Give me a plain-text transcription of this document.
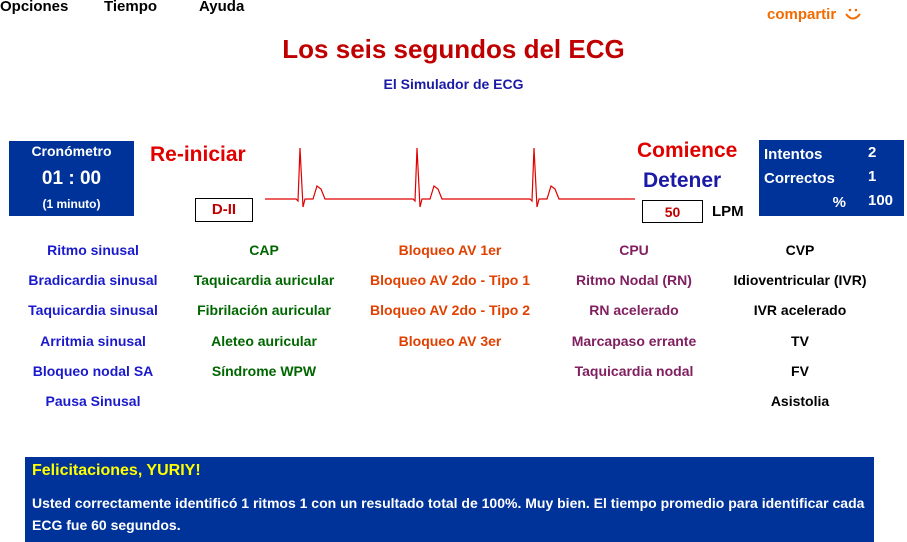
Opciones Tiempo	Ayuda	compartir
Los seis segundos del ECG
El Simulador de ECG
Cronómetro
01 : 00
(1 minuto)
Re-iniciar
D-II
Comience
Detener
50
LPM
Intentos	2
Correctos 1
% 100
Ritmo sinusal
Bradicardia sinusal
Taquicardia sinusal
Arritmia sinusal
Bloqueo nodal SA
Pausa Sinusal
CAP
Taquicardia auricular
Fibrilación auricular
Aleteo auricular
Síndrome WPW
Bloqueo AV 1er
Bloqueo AV 2do - Tipo 1
Bloqueo AV 2do - Tipo 2
Bloqueo AV 3er
CPU
Ritmo Nodal (RN)
RN acelerado
Marcapaso errante
Taquicardia nodal
CVP
Idioventricular (IVR)
IVR acelerado
TV
FV
Asistolia
Felicitaciones, YURIY!
Usted correctamente identificó 1 ritmos 1 con un resultado total de 100%. Muy bien. El tiempo promedio para identificar cada ECG fue 60 segundos.
